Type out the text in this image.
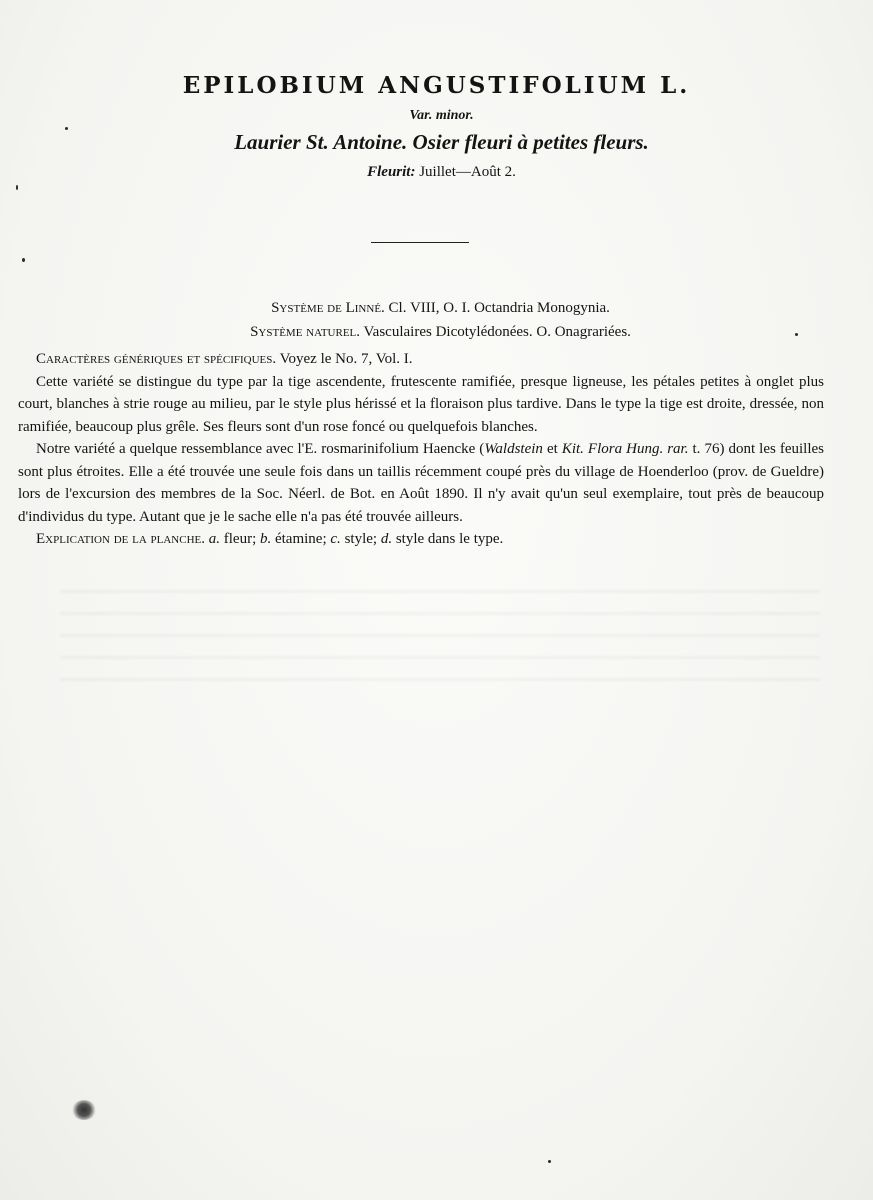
EPILOBIUM ANGUSTIFOLIUM L.
Var. minor.
Laurier St. Antoine. Osier fleuri à petites fleurs.
Fleurit: Juillet—Août 2.
Système de Linné. Cl. VIII, O. I. Octandria Monogynia.
Système naturel. Vasculaires Dicotylédonées. O. Onagrariées.

Caractères génériques et spécifiques. Voyez le No. 7, Vol. I.

Cette variété se distingue du type par la tige ascendente, frutescente ramifiée, presque ligneuse, les pétales petites à onglet plus court, blanches à strie rouge au milieu, par le style plus hérissé et la floraison plus tardive. Dans le type la tige est droite, dressée, non ramifiée, beaucoup plus grêle. Ses fleurs sont d'un rose foncé ou quelquefois blanches.

Notre variété a quelque ressemblance avec l'E. rosmarinifolium Haencke (Waldstein et Kit. Flora Hung. rar. t. 76) dont les feuilles sont plus étroites. Elle a été trouvée une seule fois dans un taillis récemment coupé près du village de Hoenderloo (prov. de Gueldre) lors de l'excursion des membres de la Soc. Néerl. de Bot. en Août 1890. Il n'y avait qu'un seul exemplaire, tout près de beaucoup d'individus du type. Autant que je le sache elle n'a pas été trouvée ailleurs.

Explication de la planche. a. fleur; b. étamine; c. style; d. style dans le type.
